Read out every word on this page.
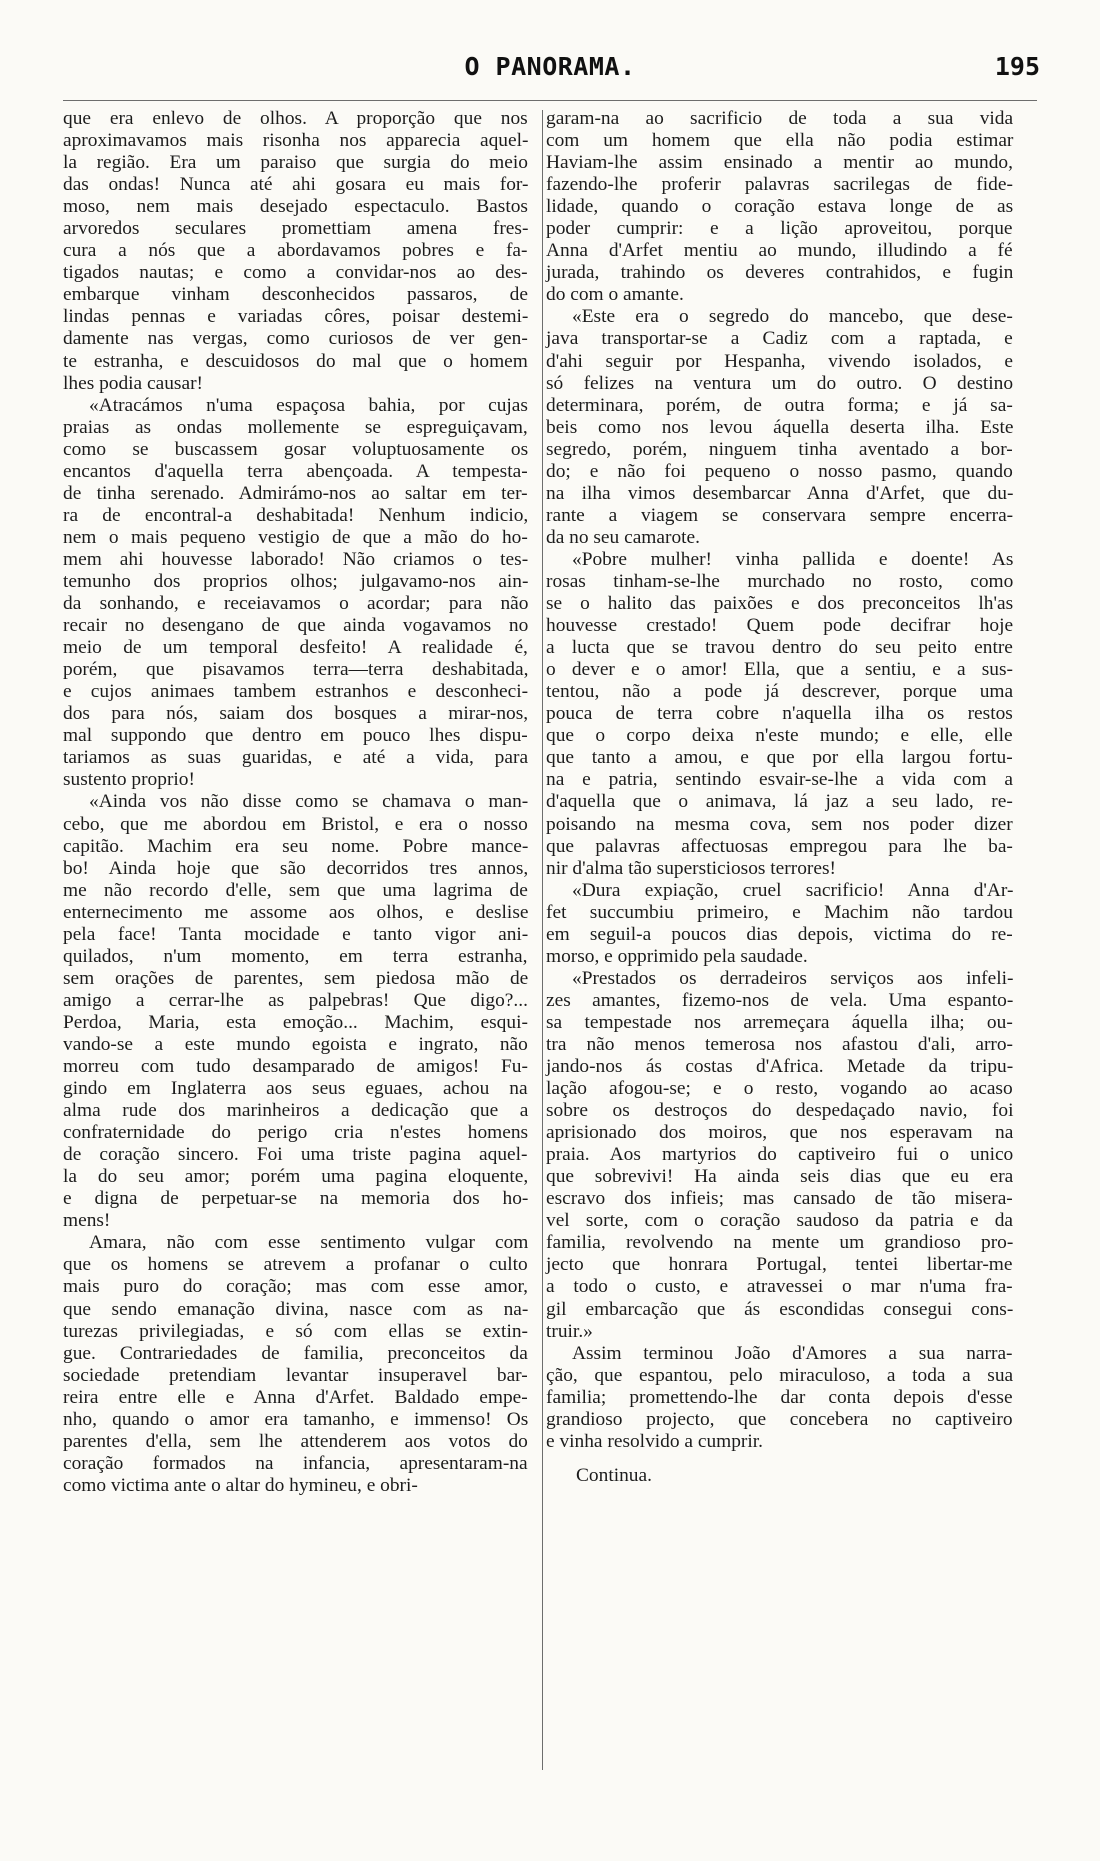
O PANORAMA.	195
que era enlevo de olhos. A proporção que nos
aproximavamos mais risonha nos apparecia aquel-
la região. Era um paraiso que surgia do meio
das ondas! Nunca até ahi gosara eu mais for-
moso, nem mais desejado espectaculo. Bastos
arvoredos seculares promettiam amena fres-
cura a nós que a abordavamos pobres e fa-
tigados nautas; e como a convidar-nos ao des-
embarque vinham desconhecidos passaros, de
lindas pennas e variadas côres, poisar destemi-
damente nas vergas, como curiosos de ver gen-
te estranha, e descuidosos do mal que o homem
lhes podia causar!
«Atracámos n'uma espaçosa bahia, por cujas
praias as ondas mollemente se espreguiçavam,
como se buscassem gosar voluptuosamente os
encantos d'aquella terra abençoada. A tempesta-
de tinha serenado. Admirámo-nos ao saltar em ter-
ra de encontral-a deshabitada! Nenhum indicio,
nem o mais pequeno vestigio de que a mão do ho-
mem ahi houvesse laborado! Não criamos o tes-
temunho dos proprios olhos; julgavamo-nos ain-
da sonhando, e receiavamos o acordar; para não
recair no desengano de que ainda vogavamos no
meio de um temporal desfeito! A realidade é,
porém, que pisavamos terra—terra deshabitada,
e cujos animaes tambem estranhos e desconheci-
dos para nós, saiam dos bosques a mirar-nos,
mal suppondo que dentro em pouco lhes dispu-
tariamos as suas guaridas, e até a vida, para
sustento proprio!
«Ainda vos não disse como se chamava o man-
cebo, que me abordou em Bristol, e era o nosso
capitão. Machim era seu nome. Pobre mance-
bo! Ainda hoje que são decorridos tres annos,
me não recordo d'elle, sem que uma lagrima de
enternecimento me assome aos olhos, e deslise
pela face! Tanta mocidade e tanto vigor ani-
quilados, n'um momento, em terra estranha,
sem orações de parentes, sem piedosa mão de
amigo a cerrar-lhe as palpebras! Que digo?...
Perdoa, Maria, esta emoção... Machim, esqui-
vando-se a este mundo egoista e ingrato, não
morreu com tudo desamparado de amigos! Fu-
gindo em Inglaterra aos seus eguaes, achou na
alma rude dos marinheiros a dedicação que a
confraternidade do perigo cria n'estes homens
de coração sincero. Foi uma triste pagina aquel-
la do seu amor; porém uma pagina eloquente,
e digna de perpetuar-se na memoria dos ho-
mens!
Amara, não com esse sentimento vulgar com
que os homens se atrevem a profanar o culto
mais puro do coração; mas com esse amor,
que sendo emanação divina, nasce com as na-
turezas privilegiadas, e só com ellas se extin-
gue. Contrariedades de familia, preconceitos da
sociedade pretendiam levantar insuperavel bar-
reira entre elle e Anna d'Arfet. Baldado empe-
nho, quando o amor era tamanho, e immenso! Os
parentes d'ella, sem lhe attenderem aos votos do
coração formados na infancia, apresentaram-na
como victima ante o altar do hymineu, e obri-
garam-na ao sacrificio de toda a sua vida
com um homem que ella não podia estimar
Haviam-lhe assim ensinado a mentir ao mundo,
fazendo-lhe proferir palavras sacrilegas de fide-
lidade, quando o coração estava longe de as
poder cumprir: e a lição aproveitou, porque
Anna d'Arfet mentiu ao mundo, illudindo a fé
jurada, trahindo os deveres contrahidos, e fugin
do com o amante.
«Este era o segredo do mancebo, que dese-
java transportar-se a Cadiz com a raptada, e
d'ahi seguir por Hespanha, vivendo isolados, e
só felizes na ventura um do outro. O destino
determinara, porém, de outra forma; e já sa-
beis como nos levou áquella deserta ilha. Este
segredo, porém, ninguem tinha aventado a bor-
do; e não foi pequeno o nosso pasmo, quando
na ilha vimos desembarcar Anna d'Arfet, que du-
rante a viagem se conservara sempre encerra-
da no seu camarote.
«Pobre mulher! vinha pallida e doente! As
rosas tinham-se-lhe murchado no rosto, como
se o halito das paixões e dos preconceitos lh'as
houvesse crestado! Quem pode decifrar hoje
a lucta que se travou dentro do seu peito entre
o dever e o amor! Ella, que a sentiu, e a sus-
tentou, não a pode já descrever, porque uma
pouca de terra cobre n'aquella ilha os restos
que o corpo deixa n'este mundo; e elle, elle
que tanto a amou, e que por ella largou fortu-
na e patria, sentindo esvair-se-lhe a vida com a
d'aquella que o animava, lá jaz a seu lado, re-
poisando na mesma cova, sem nos poder dizer
que palavras affectuosas empregou para lhe ba-
nir d'alma tão supersticiosos terrores!
«Dura expiação, cruel sacrificio! Anna d'Ar-
fet succumbiu primeiro, e Machim não tardou
em seguil-a poucos dias depois, victima do re-
morso, e opprimido pela saudade.
«Prestados os derradeiros serviços aos infeli-
zes amantes, fizemo-nos de vela. Uma espanto-
sa tempestade nos arremeçara áquella ilha; ou-
tra não menos temerosa nos afastou d'ali, arro-
jando-nos ás costas d'Africa. Metade da tripu-
lação afogou-se; e o resto, vogando ao acaso
sobre os destroços do despedaçado navio, foi
aprisionado dos moiros, que nos esperavam na
praia. Aos martyrios do captiveiro fui o unico
que sobrevivi! Ha ainda seis dias que eu era
escravo dos infieis; mas cansado de tão misera-
vel sorte, com o coração saudoso da patria e da
familia, revolvendo na mente um grandioso pro-
jecto que honrara Portugal, tentei libertar-me
a todo o custo, e atravessei o mar n'uma fra-
gil embarcação que ás escondidas consegui cons-
truir.»
Assim terminou João d'Amores a sua narra-
ção, que espantou, pelo miraculoso, a toda a sua
familia; promettendo-lhe dar conta depois d'esse
grandioso projecto, que concebera no captiveiro
e vinha resolvido a cumprir.
Continua.
